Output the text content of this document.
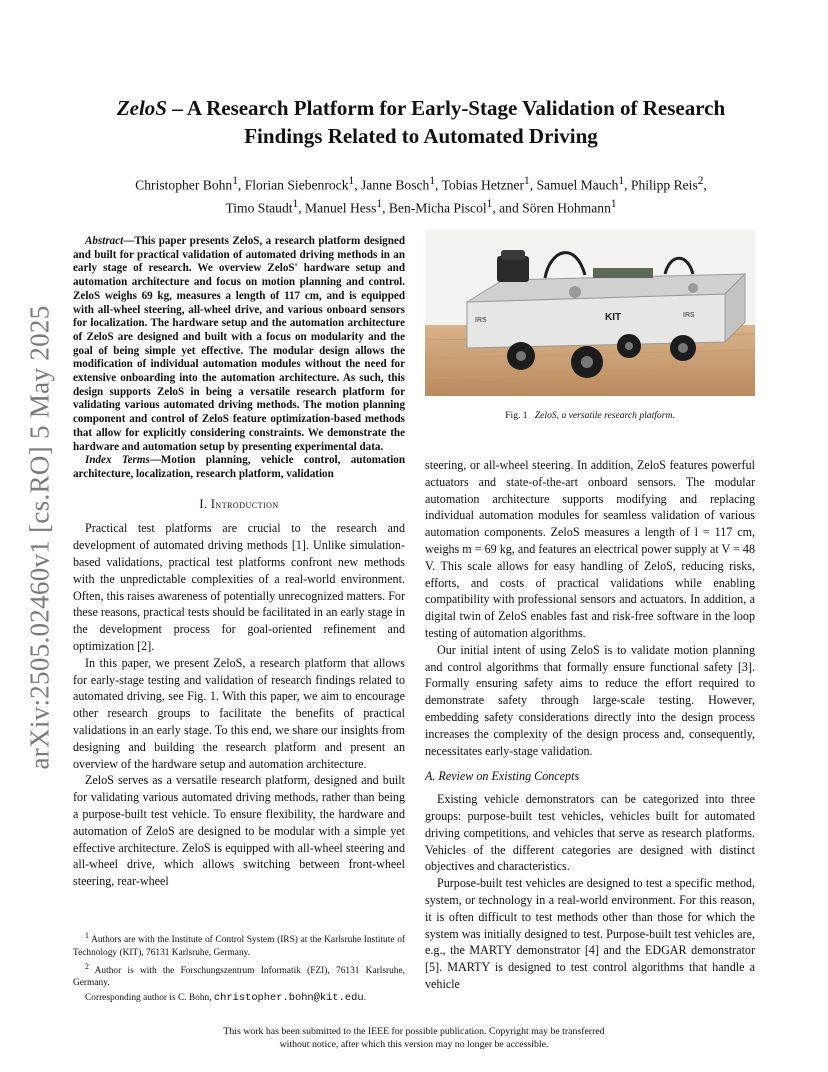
arXiv:2505.02460v1 [cs.RO] 5 May 2025
ZeloS – A Research Platform for Early-Stage Validation of Research
Findings Related to Automated Driving
Christopher Bohn$^1$, Florian Siebenrock$^1$, Janne Bosch$^1$, Tobias Hetzner$^1$, Samuel Mauch$^1$, Philipp Reis$^2$,
Timo Staudt$^1$, Manuel Hess$^1$, Ben-Micha Piscol$^1$, and Sören Hohmann$^1$

Abstract—This paper presents ZeloS, a research platform designed and built for practical validation of automated driving methods in an early stage of research. We overview ZeloS' hardware setup and automation architecture and focus on motion planning and control. ZeloS weighs 69 kg, measures a length of 117 cm, and is equipped with all-wheel steering, all-wheel drive, and various onboard sensors for localization. The hardware setup and the automation architecture of ZeloS are designed and built with a focus on modularity and the goal of being simple yet effective. The modular design allows the modification of individual automation modules without the need for extensive onboarding into the automation architecture. As such, this design supports ZeloS in being a versatile research platform for validating various automated driving methods. The motion planning component and control of ZeloS feature optimization-based methods that allow for explicitly considering constraints. We demonstrate the hardware and automation setup by presenting experimental data.

Index Terms—Motion planning, vehicle control, automation architecture, localization, research platform, validation

I. Introduction

Practical test platforms are crucial to the research and development of automated driving methods [1]. Unlike simulation-based validations, practical test platforms confront new methods with the unpredictable complexities of a real-world environment. Often, this raises awareness of potentially unrecognized matters. For these reasons, practical tests should be facilitated in an early stage in the development process for goal-oriented refinement and optimization [2].

In this paper, we present ZeloS, a research platform that allows for early-stage testing and validation of research findings related to automated driving, see Fig. 1. With this paper, we aim to encourage other research groups to facilitate the benefits of practical validations in an early stage. To this end, we share our insights from designing and building the research platform and present an overview of the hardware setup and automation architecture.

ZeloS serves as a versatile research platform, designed and built for validating various automated driving methods, rather than being a purpose-built test vehicle. To ensure flexibility, the hardware and automation of ZeloS are designed to be modular with a simple yet effective architecture. ZeloS is equipped with all-wheel steering and all-wheel drive, which allows switching between front-wheel steering, rear-wheel

IRS	KIT	IRS
Fig. 1 ZeloS, a versatile research platform.

steering, or all-wheel steering. In addition, ZeloS features powerful actuators and state-of-the-art onboard sensors. The modular automation architecture supports modifying and replacing individual automation modules for seamless validation of various automation components. ZeloS measures a length of l = 117 cm, weighs m = 69 kg, and features an electrical power supply at V = 48 V. This scale allows for easy handling of ZeloS, reducing risks, efforts, and costs of practical validations while enabling compatibility with professional sensors and actuators. In addition, a digital twin of ZeloS enables fast and risk-free software in the loop testing of automation algorithms.

Our initial intent of using ZeloS is to validate motion planning and control algorithms that formally ensure functional safety [3]. Formally ensuring safety aims to reduce the effort required to demonstrate safety through large-scale testing. However, embedding safety considerations directly into the design process increases the complexity of the design process and, consequently, necessitates early-stage validation.

A. Review on Existing Concepts

Existing vehicle demonstrators can be categorized into three groups: purpose-built test vehicles, vehicles built for automated driving competitions, and vehicles that serve as research platforms. Vehicles of the different categories are designed with distinct objectives and characteristics.

Purpose-built test vehicles are designed to test a specific method, system, or technology in a real-world environment. For this reason, it is often difficult to test methods other than those for which the system was initially designed to test. Purpose-built test vehicles are, e.g., the MARTY demonstrator [4] and the EDGAR demonstrator [5]. MARTY is designed to test control algorithms that handle a vehicle

$^1$ Authors are with the Institute of Control System (IRS) at the Karlsruhe Institute of Technology (KIT), 76131 Karlsruhe, Germany.

$^2$ Author is with the Forschungszentrum Informatik (FZI), 76131 Karlsruhe, Germany.

Corresponding author is C. Bohn, christopher.bohn@kit.edu.

This work has been submitted to the IEEE for possible publication. Copyright may be transferred
without notice, after which this version may no longer be accessible.
